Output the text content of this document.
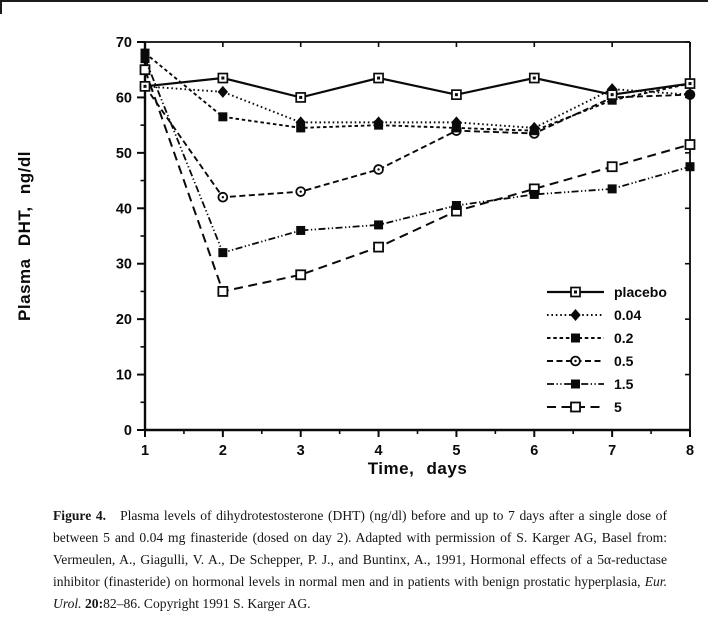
0
10
20
30
40
50
60
70
1	2	3	4	5	6	7	8
Time, days
Plasma DHT, ng/dl	placebo
0.04
0.2
0.5
1.5
5

Figure 4. Plasma levels of dihydrotestosterone (DHT) (ng/dl) before and up to 7 days after a single dose of between 5 and 0.04 mg finasteride (dosed on day 2). Adapted with permission of S. Karger AG, Basel from: Vermeulen, A., Giagulli, V. A., De Schepper, P. J., and Buntinx, A., 1991, Hormonal effects of a 5α-reductase inhibitor (finasteride) on hormonal levels in normal men and in patients with benign prostatic hyperplasia, Eur. Urol. 20:82–86. Copyright 1991 S. Karger AG.
